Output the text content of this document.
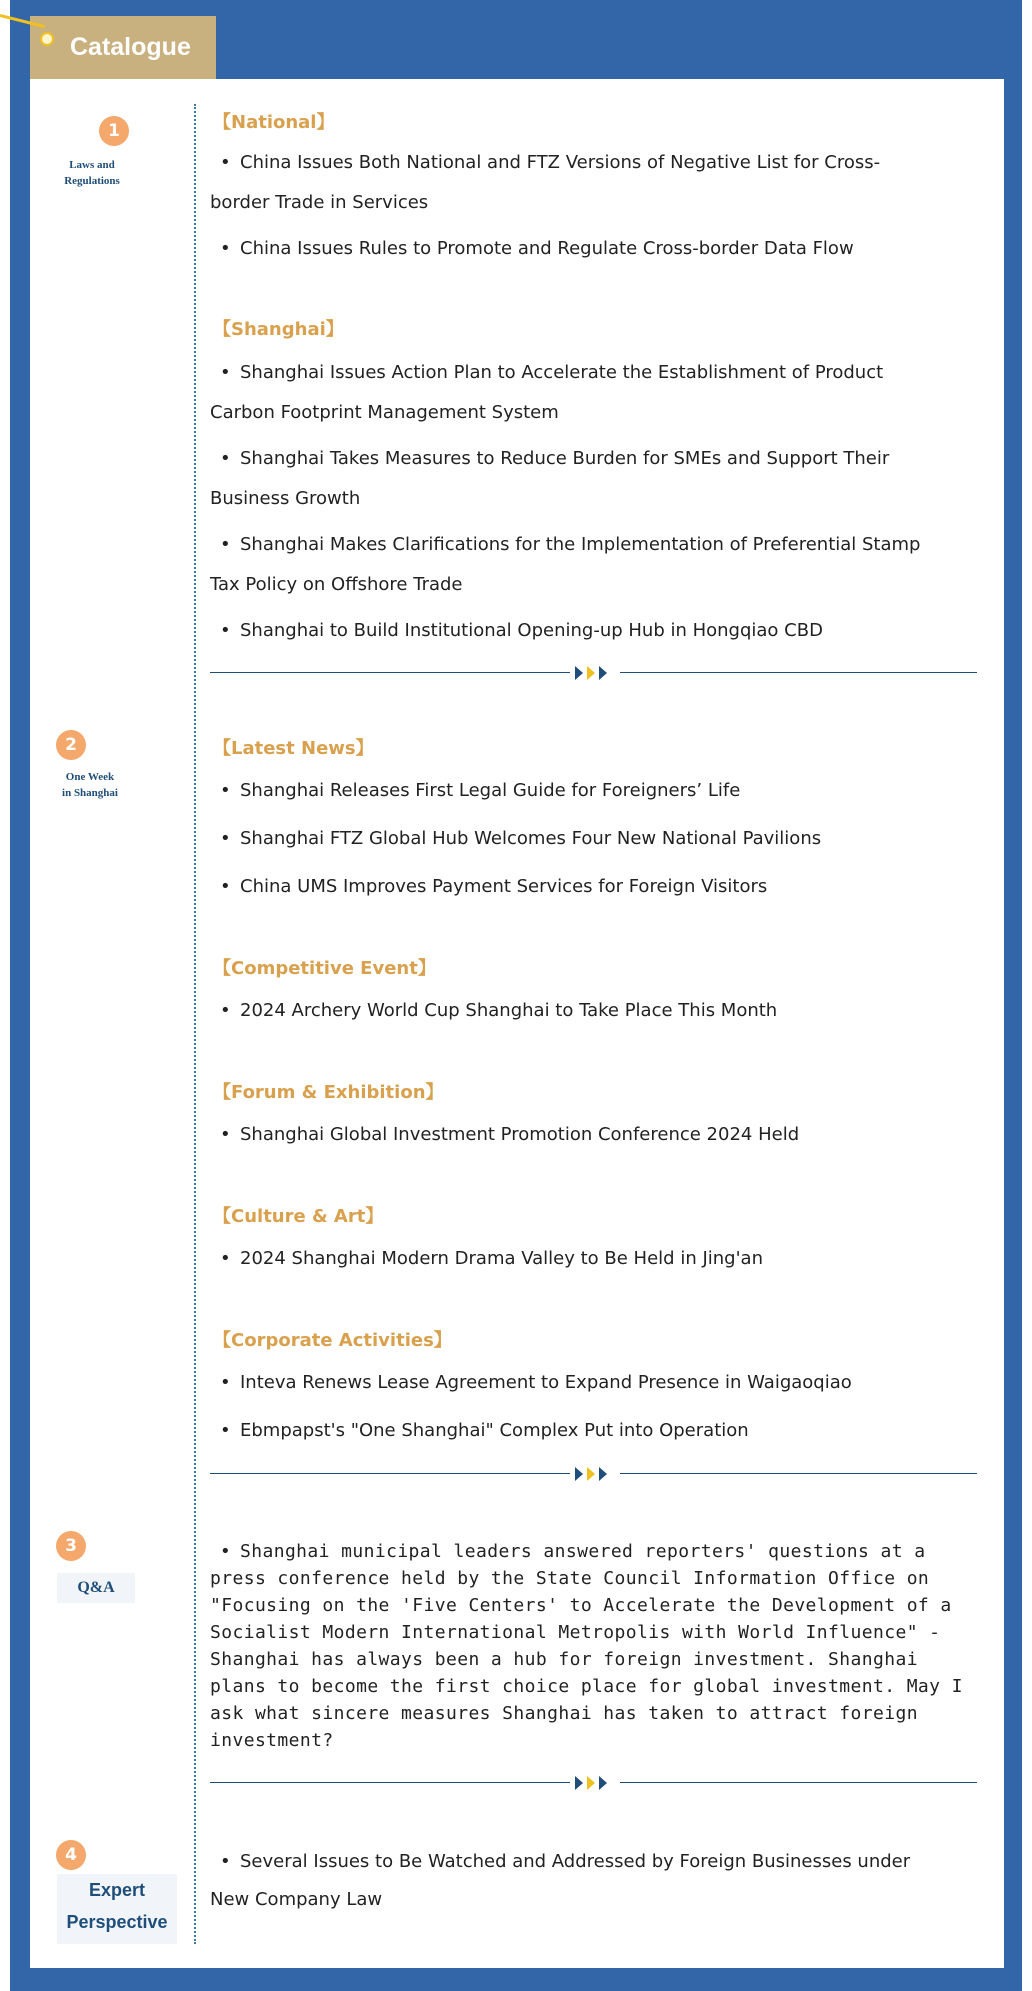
Catalogue
1
Laws and
Regulations
【National】
• China Issues Both National and FTZ Versions of Negative List for Cross-
border Trade in Services
• China Issues Rules to Promote and Regulate Cross-border Data Flow
【Shanghai】
• Shanghai Issues Action Plan to Accelerate the Establishment of Product
Carbon Footprint Management System
• Shanghai Takes Measures to Reduce Burden for SMEs and Support Their
Business Growth
• Shanghai Makes Clarifications for the Implementation of Preferential Stamp
Tax Policy on Offshore Trade
• Shanghai to Build Institutional Opening-up Hub in Hongqiao CBD
2
One Week
in Shanghai
【Latest News】
• Shanghai Releases First Legal Guide for Foreigners’ Life
• Shanghai FTZ Global Hub Welcomes Four New National Pavilions
• China UMS Improves Payment Services for Foreign Visitors
【Competitive Event】
• 2024 Archery World Cup Shanghai to Take Place This Month
【Forum & Exhibition】
• Shanghai Global Investment Promotion Conference 2024 Held
【Culture & Art】
• 2024 Shanghai Modern Drama Valley to Be Held in Jing'an
【Corporate Activities】
• Inteva Renews Lease Agreement to Expand Presence in Waigaoqiao
• Ebmpapst's "One Shanghai" Complex Put into Operation
3
Q&A
• Shanghai municipal leaders answered reporters' questions at a press conference held by the State Council Information Office on "Focusing on the 'Five Centers' to Accelerate the Development of a Socialist Modern International Metropolis with World Influence" - Shanghai has always been a hub for foreign investment. Shanghai plans to become the first choice place for global investment. May I ask what sincere measures Shanghai has taken to attract foreign investment?
4
Expert
Perspective
• Several Issues to Be Watched and Addressed by Foreign Businesses under
New Company Law
